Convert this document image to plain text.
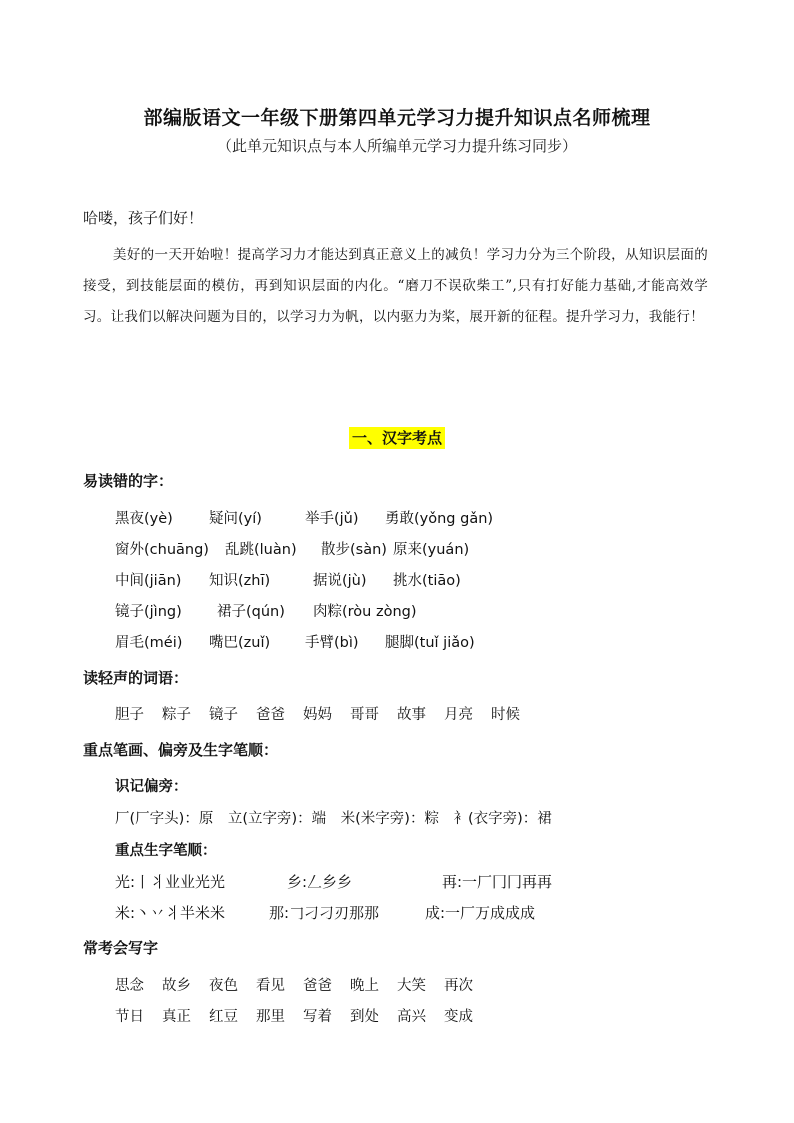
部编版语文一年级下册第四单元学习力提升知识点名师梳理
（此单元知识点与本人所编单元学习力提升练习同步）
哈喽，孩子们好！
美好的一天开始啦！提高学习力才能达到真正意义上的减负！学习力分为三个阶段，从知识层面的接受，到技能层面的模仿，再到知识层面的内化。“磨刀不误砍柴工”,只有打好能力基础,才能高效学习。让我们以解决问题为目的，以学习力为帆，以内驱力为桨，展开新的征程。提升学习力，我能行！
一、汉字考点
易读错的字：
黑夜(yè)	疑问(yí)	举手(jǔ)	勇敢(yǒng gǎn)
窗外(chuāng)	乱跳(luàn)	散步(sàn) 原来(yuán)
中间(jiān)	知识(zhī)	据说(jù)	挑水(tiāo)
镜子(jìng)	裙子(qún)	肉粽(ròu zòng)
眉毛(méi)	嘴巴(zuǐ)	手臂(bì)	腿脚(tuǐ jiǎo)
读轻声的词语：
胆子	粽子	镜子	爸爸	妈妈	哥哥	故事	月亮	时候
重点笔画、偏旁及生字笔顺：
识记偏旁：
厂(厂字头)：原　立(立字旁)：端　米(米字旁)：粽　衤(衣字旁)：裙
重点生字笔顺：
光:丨丬业业光光	乡:𠃋乡乡	再:一厂冂冂再再
米:丶丷丬半米米	那:𠃌刁刁刃那那	成:一厂万成成成
常考会写字
思念	故乡	夜色	看见	爸爸	晚上	大笑	再次
节日	真正	红豆	那里	写着	到处	高兴	变成
